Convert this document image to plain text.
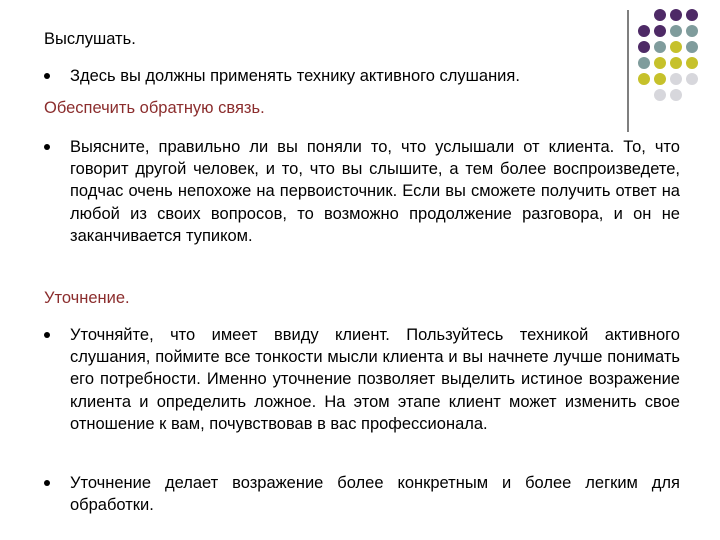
Выслушать.
Здесь вы должны применять технику активного слушания.
Обеспечить обратную связь.
Выясните, правильно ли вы поняли то, что услышали от клиента. То, что говорит другой человек, и то, что вы слышите, а тем более воспроизведете, подчас очень непохоже на первоисточник. Если вы сможете получить ответ на любой из своих вопросов, то возможно продолжение разговора, и он не заканчивается тупиком.
Уточнение.
Уточняйте, что имеет ввиду клиент. Пользуйтесь техникой активного слушания, поймите все тонкости мысли клиента и вы начнете лучше понимать его потребности. Именно уточнение позволяет выделить истиное возражение клиента и определить ложное. На этом этапе клиент может изменить свое отношение к вам, почувствовав в вас профессионала.
Уточнение делает возражение более конкретным и более легким для обработки.
